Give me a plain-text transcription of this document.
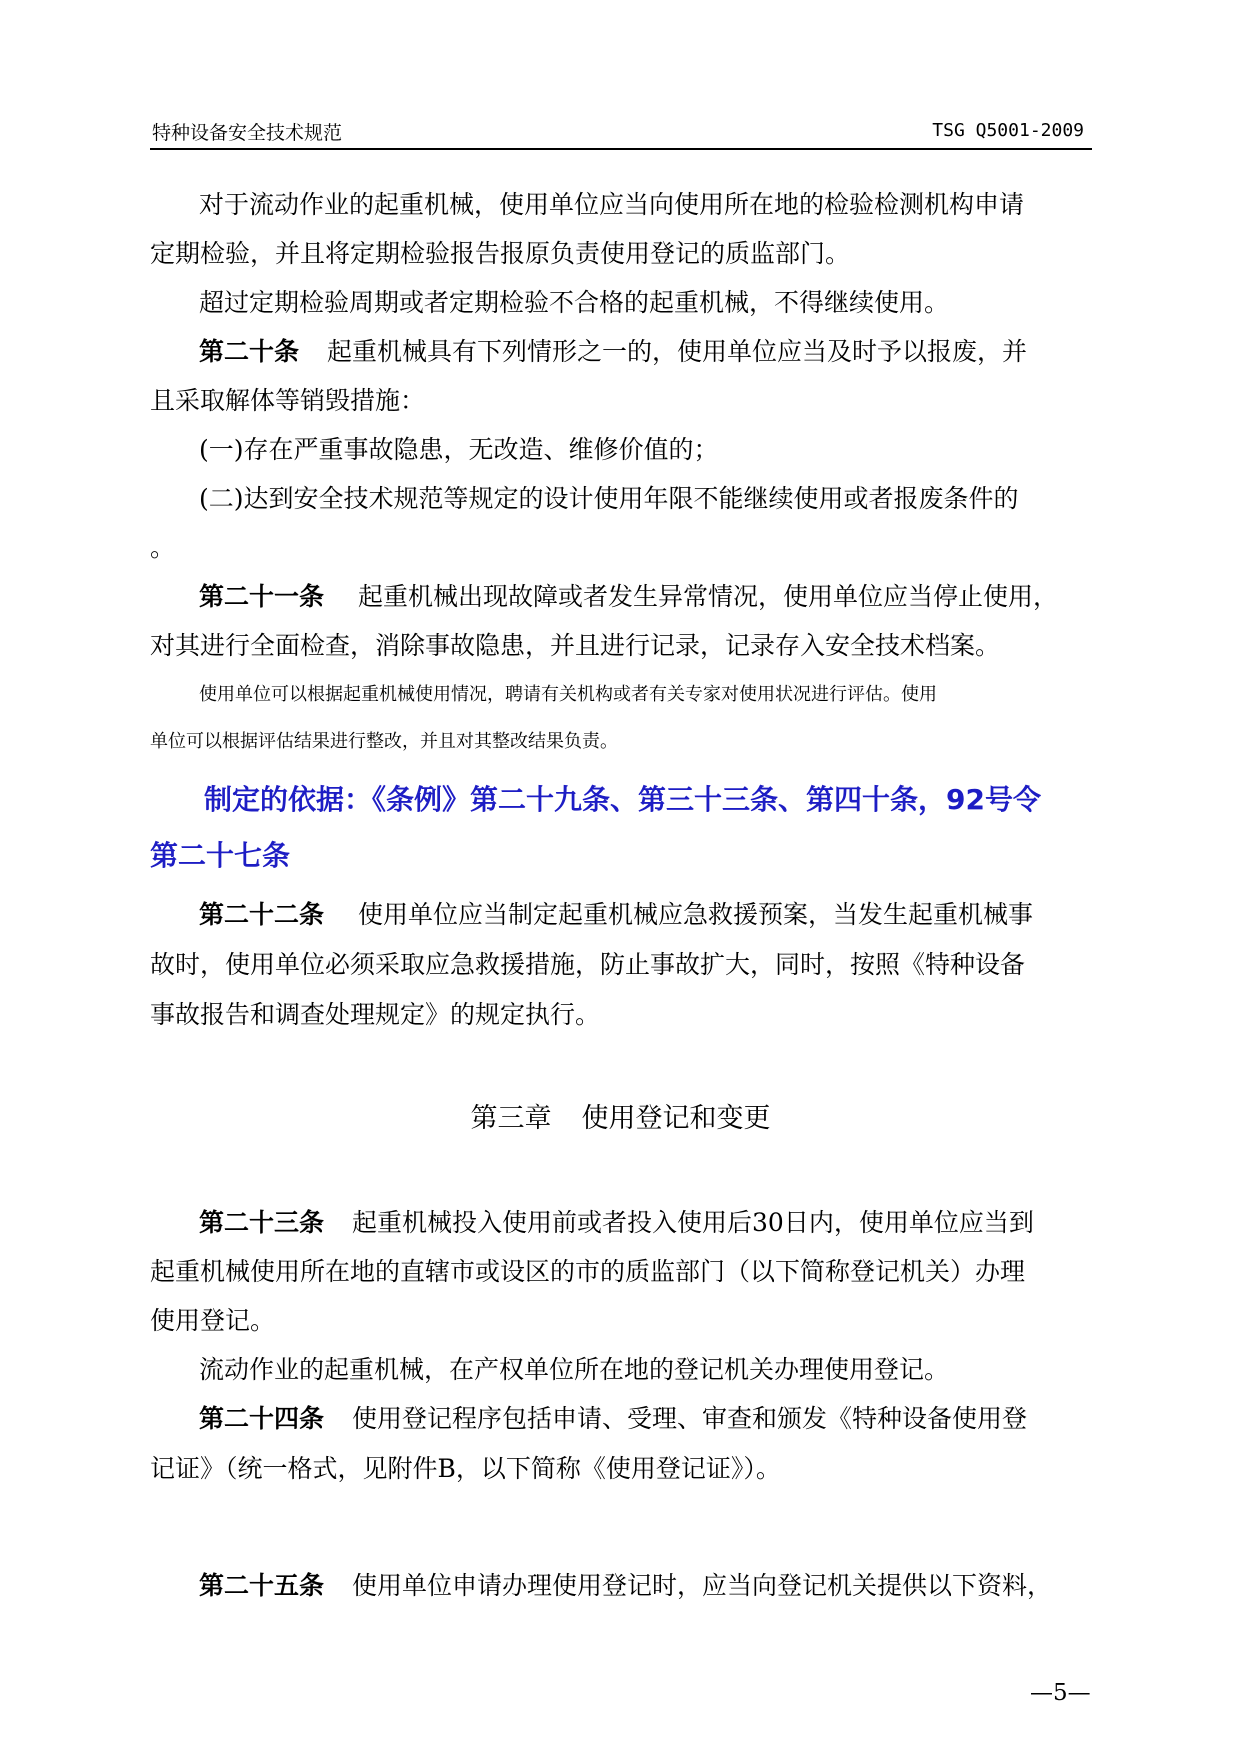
特种设备安全技术规范	TSG Q5001-2009
对于流动作业的起重机械，使用单位应当向使用所在地的检验检测机构申请
定期检验，并且将定期检验报告报原负责使用登记的质监部门。
超过定期检验周期或者定期检验不合格的起重机械，不得继续使用。
第二十条 起重机械具有下列情形之一的，使用单位应当及时予以报废，并
且采取解体等销毁措施：
(一)存在严重事故隐患，无改造、维修价值的；
(二)达到安全技术规范等规定的设计使用年限不能继续使用或者报废条件的
。
第二十一条 起重机械出现故障或者发生异常情况，使用单位应当停止使用，
对其进行全面检查，消除事故隐患，并且进行记录，记录存入安全技术档案。
使用单位可以根据起重机械使用情况，聘请有关机构或者有关专家对使用状况进行评估。使用
单位可以根据评估结果进行整改，并且对其整改结果负责。
制定的依据：《条例》第二十九条、第三十三条、第四十条，92号令
第二十七条
第二十二条 使用单位应当制定起重机械应急救援预案，当发生起重机械事
故时，使用单位必须采取应急救援措施，防止事故扩大，同时，按照《特种设备
事故报告和调查处理规定》的规定执行。
第三章 使用登记和变更
第二十三条 起重机械投入使用前或者投入使用后30日内，使用单位应当到
起重机械使用所在地的直辖市或设区的市的质监部门（以下简称登记机关）办理
使用登记。
流动作业的起重机械，在产权单位所在地的登记机关办理使用登记。
第二十四条 使用登记程序包括申请、受理、审查和颁发《特种设备使用登
记证》（统一格式，见附件B，以下简称《使用登记证》）。
第二十五条 使用单位申请办理使用登记时，应当向登记机关提供以下资料，
—5—
